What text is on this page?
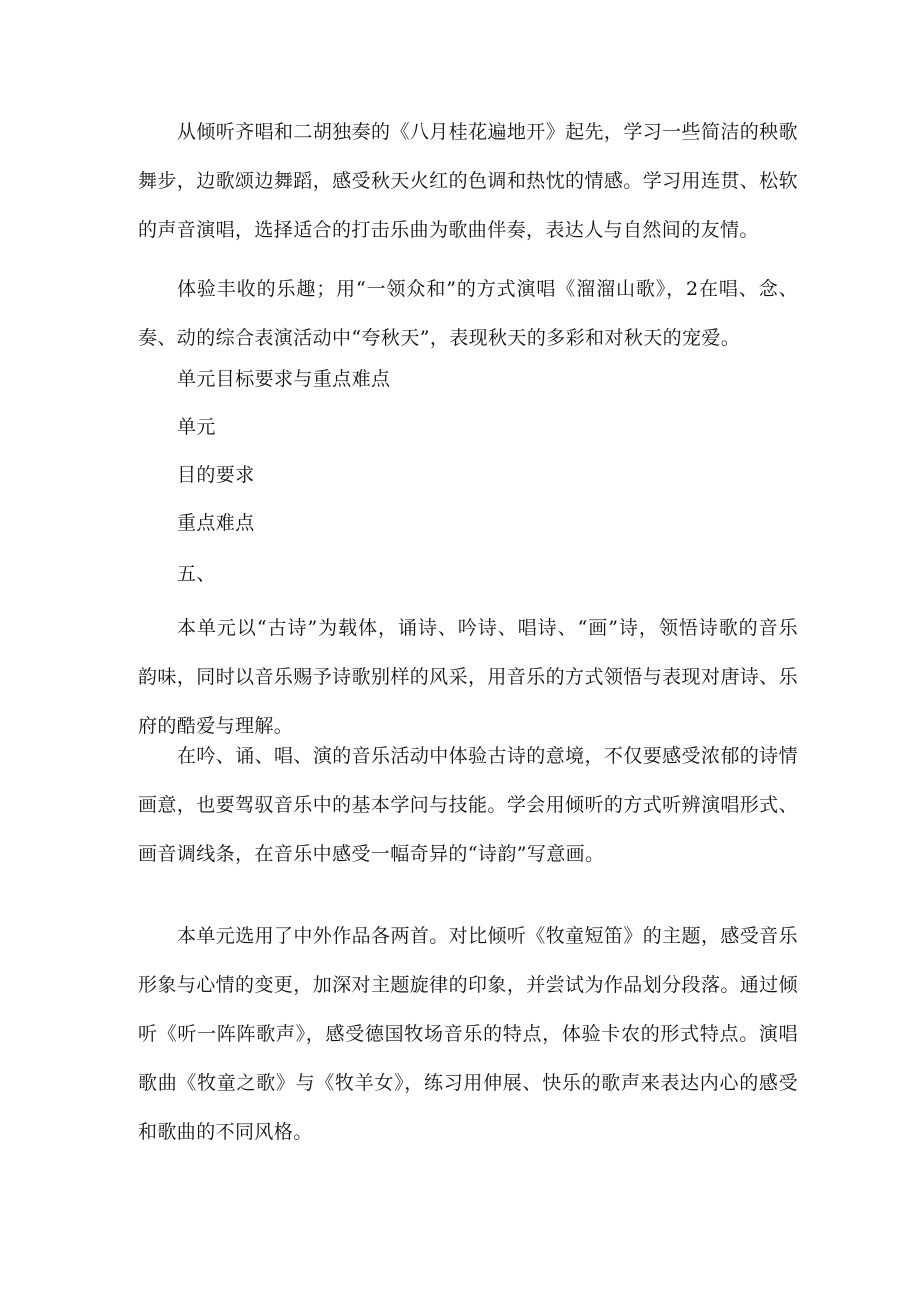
从倾听齐唱和二胡独奏的《八月桂花遍地开》起先，学习一些简洁的秧歌舞步，边歌颂边舞蹈，感受秋天火红的色调和热忱的情感。学习用连贯、松软的声音演唱，选择适合的打击乐曲为歌曲伴奏，表达人与自然间的友情。

体验丰收的乐趣；用“一领众和”的方式演唱《溜溜山歌》，2在唱、念、奏、动的综合表演活动中“夸秋天”，表现秋天的多彩和对秋天的宠爱。

单元目标要求与重点难点

单元

目的要求

重点难点

五、

本单元以“古诗”为载体，诵诗、吟诗、唱诗、“画”诗，领悟诗歌的音乐韵味，同时以音乐赐予诗歌别样的风采，用音乐的方式领悟与表现对唐诗、乐府的酷爱与理解。

在吟、诵、唱、演的音乐活动中体验古诗的意境，不仅要感受浓郁的诗情画意，也要驾驭音乐中的基本学问与技能。学会用倾听的方式听辨演唱形式、画音调线条，在音乐中感受一幅奇异的“诗韵”写意画。

本单元选用了中外作品各两首。对比倾听《牧童短笛》的主题，感受音乐形象与心情的变更，加深对主题旋律的印象，并尝试为作品划分段落。通过倾听《听一阵阵歌声》，感受德国牧场音乐的特点，体验卡农的形式特点。演唱歌曲《牧童之歌》与《牧羊女》，练习用伸展、快乐的歌声来表达内心的感受和歌曲的不同风格。
